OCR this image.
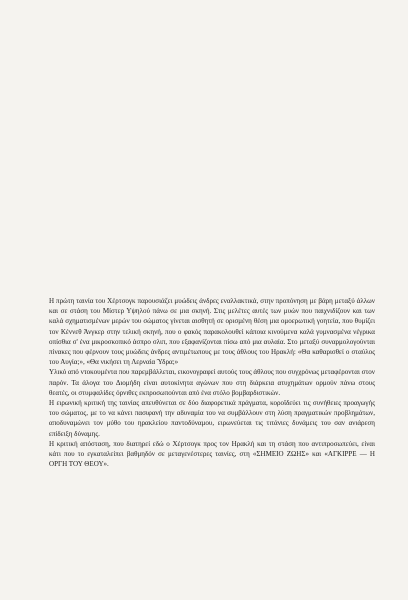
Η πρώτη ταινία του Χέρτσογκ παρουσιάζει μυώδεις άνδρες εναλλακτικά, στην προπόνηση με βάρη μεταξύ άλλων και σε στάση του Μίστερ Υψηλού πάνω σε μια σκηνή. Στις μελέτες αυτές των μυών που παιχνιδίζουν και των καλά σχηματισμένων μερών του σώματος γίνεται αισθητή σε ορισμένη θέση μια ομοερωτική γοητεία, που θυμίζει τον Κέννεθ Άνγκερ στην τελική σκηνή, που ο φακός παρακολουθεί κάποια κινούμενα καλά γυμνασμένα νέγρικα οπίσθια σ' ένα μικροσκοπικό άσπρο σλιπ, που εξαφανίζονται πίσω από μια αυλαία. Στο μεταξύ συναρμολογούνται πίνακες που φέρνουν τους μυώδεις άνδρες αντιμέτωπους με τους άθλους του Ηρακλή: «Θα καθαρισθεί ο σταύλος του Αυγία;», «Θα νικήσει τη Λερναία Ύδρα;»

Υλικό από ντοκουμέντα που παρεμβάλλεται, εικονογραφεί αυτούς τους άθλους που συγχρόνως μεταφέρονται στον παρόν. Τα άλογα του Διομήδη είναι αυτοκίνητα αγώνων που στη διάρκεια ατυχημάτων ορμούν πάνω στους θεατές, οι στυμφαλίδες όρνιθες εκπροσωπούνται από ένα στόλο βομβαρδιστικών.

Η ειρωνική κριτική της ταινίας απευθύνεται σε δύο διαφορετικά πράγματα, κοροϊδεύει τις συνήθειες προαγωγής του σώματος, με το να κάνει πασιφανή την αδυναμία του να συμβάλλουν στη λύση πραγματικών προβλημάτων, αποδυναμώνει τον μύθο του ηρακλείου παντοδύναμου, ειρωνεύεται τις τιτάνιες δυνάμεις του σαν ανιάρεση επίδειξη δύναμης.

Η κριτική απόσταση, που διατηρεί εδώ ο Χέρτσογκ προς τον Ηρακλή και τη στάση που αντιπροσωπεύει, είναι κάτι που το εγκαταλείπει βαθμηδόν σε μεταγενέστερες ταινίες, στη «ΣΗΜΕΙΟ ΖΩΗΣ» και «ΑΓΚΙΡΡΕ — Η ΟΡΓΗ ΤΟΥ ΘΕΟΥ».
